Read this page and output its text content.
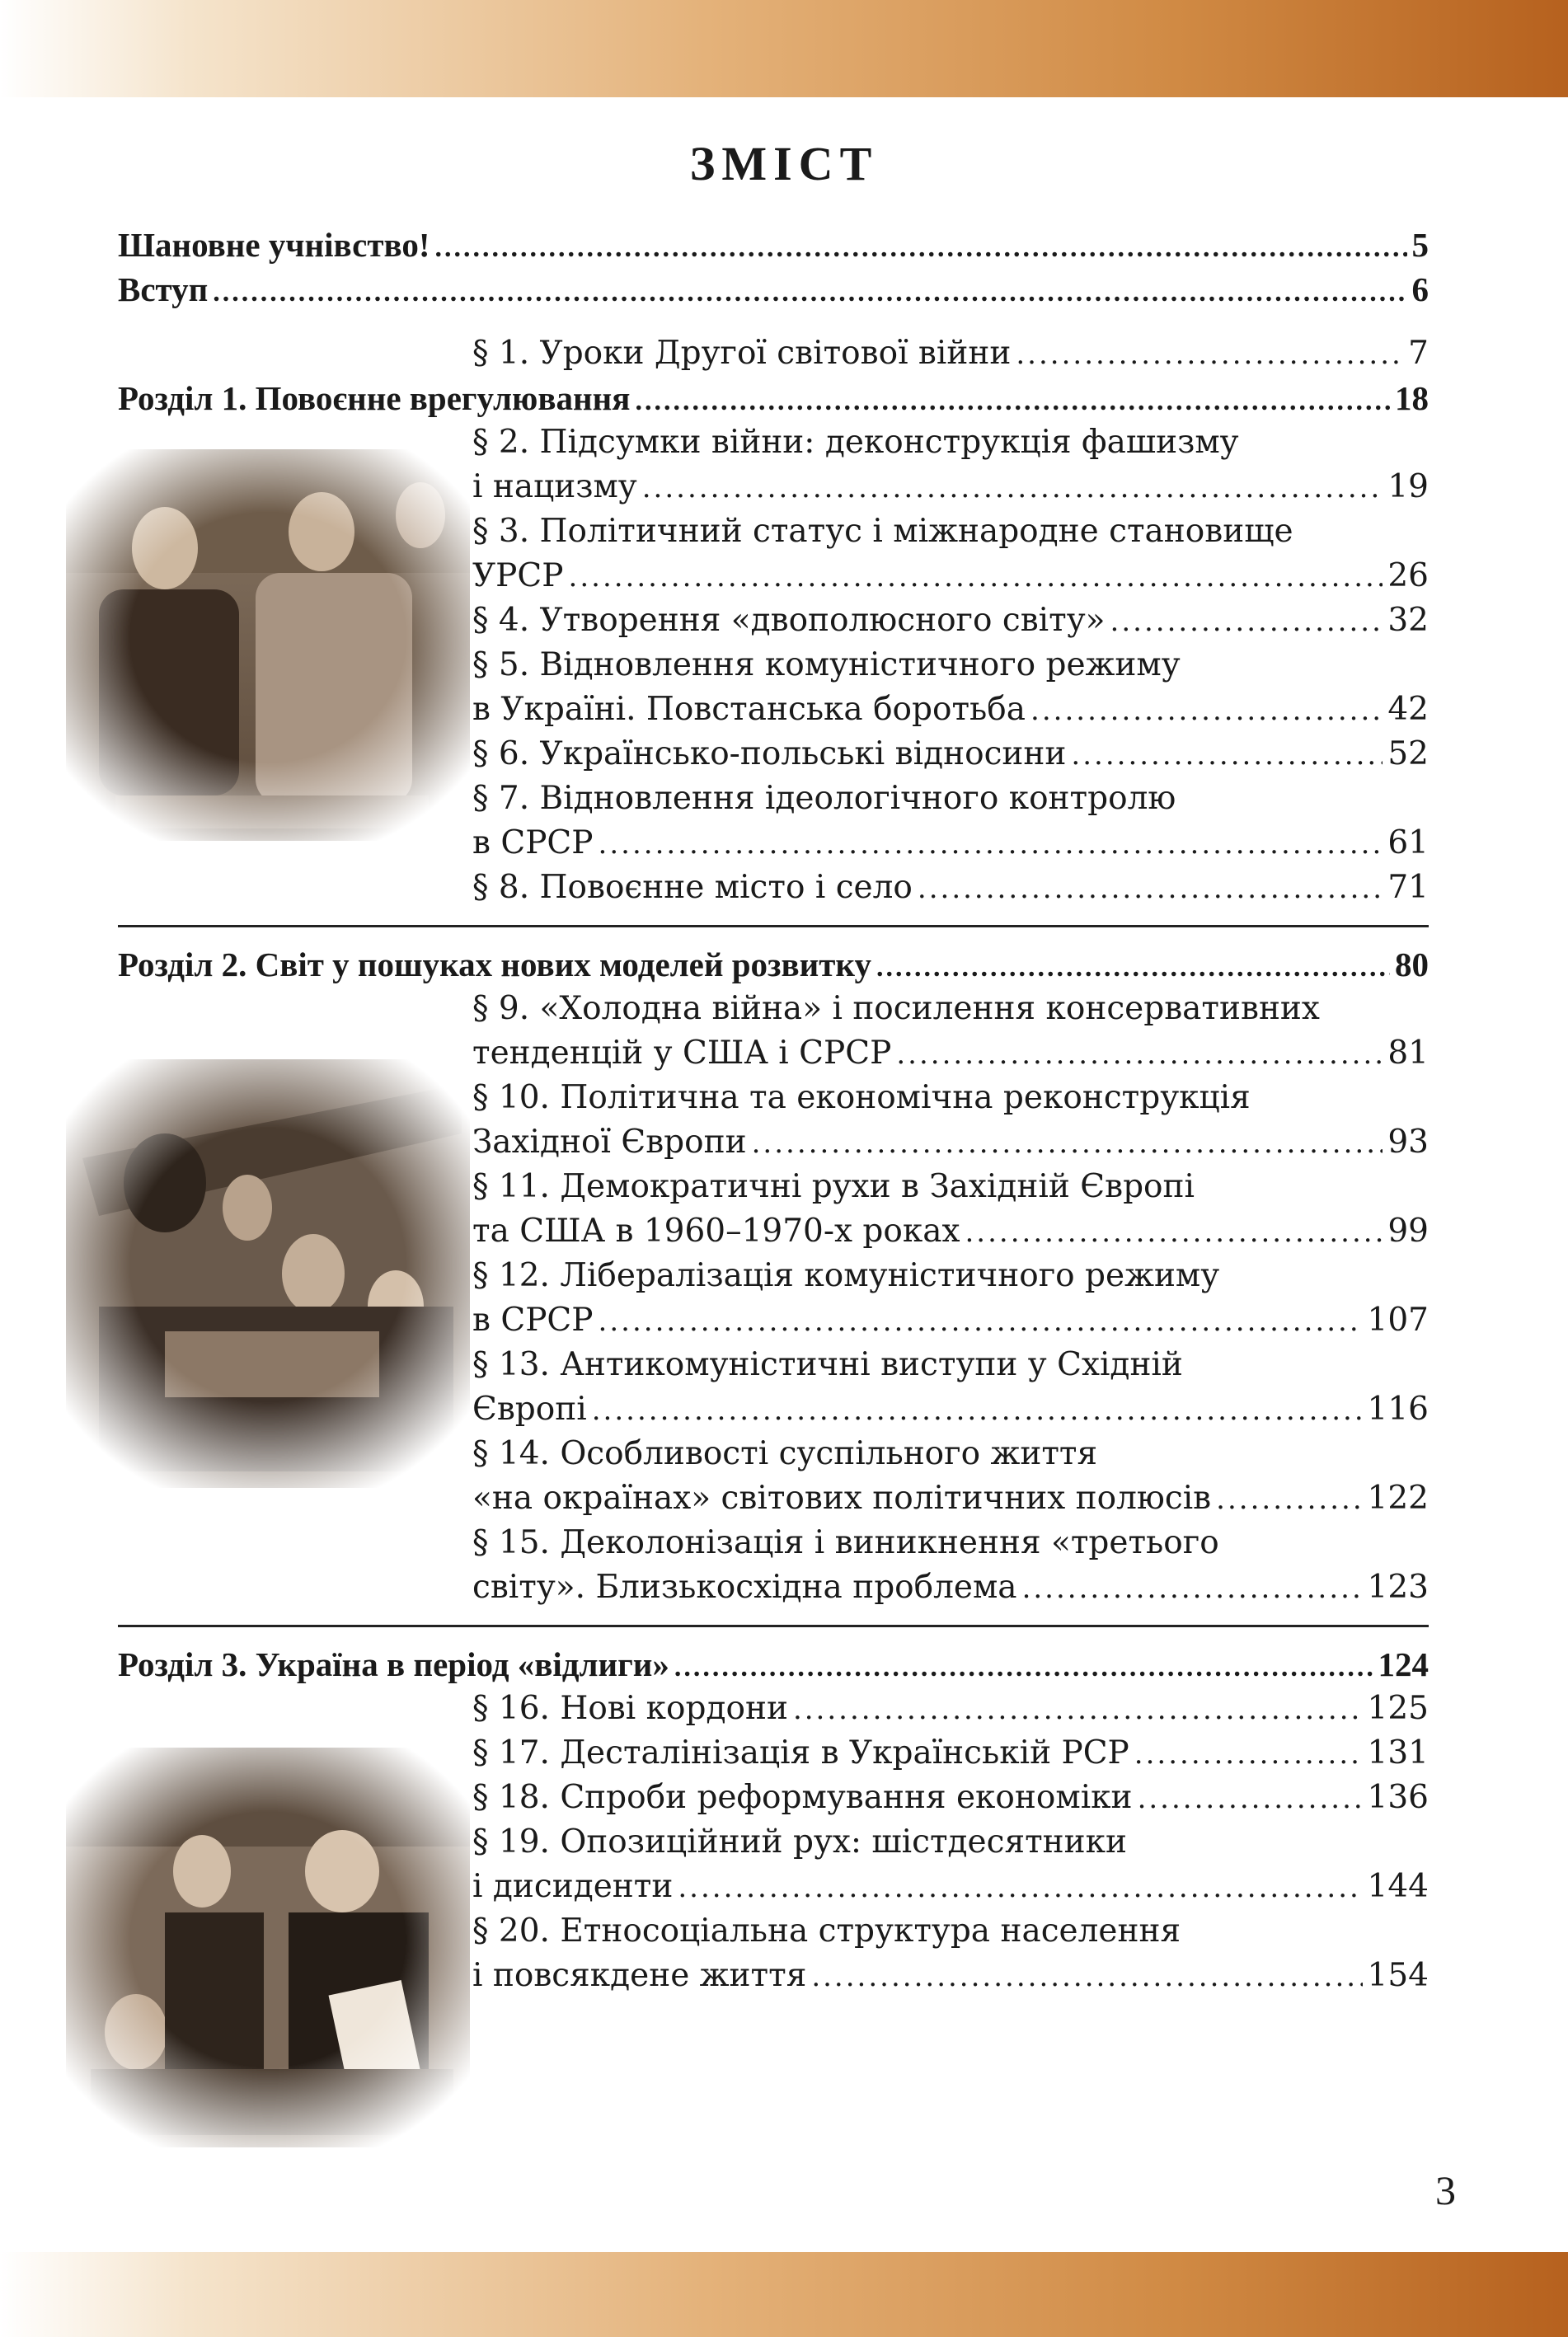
ЗМІСТ
Шановне учнівство! .....	5
Вступ .....	6
§ 1. Уроки Другої світової війни .....	7
Розділ 1. Повоєнне врегулювання .....	18
§ 2. Підсумки війни: деконструкція фашизму
і нацизму .....	19
§ 3. Політичний статус і міжнародне становище
УРСР .....	26
§ 4. Утворення «двополюсного світу» .....	32
§ 5. Відновлення комуністичного режиму
в Україні. Повстанська боротьба .....	42
§ 6. Українсько-польські відносини .....	52
§ 7. Відновлення ідеологічного контролю
в СРСР .....	61
§ 8. Повоєнне місто і село .....	71
Розділ 2. Світ у пошуках нових моделей розвитку .....	80
§ 9. «Холодна війна» і посилення консервативних
тенденцій у США і СРСР .....	81
§ 10. Політична та економічна реконструкція
Західної Європи .....	93
§ 11. Демократичні рухи в Західній Європі
та США в 1960–1970-х роках .....	99
§ 12. Лібералізація комуністичного режиму
в СРСР .....	107
§ 13. Антикомуністичні виступи у Східній
Європі .....	116
§ 14. Особливості суспільного життя
«на окраїнах» світових політичних полюсів .....	122
§ 15. Деколонізація і виникнення «третього
світу». Близькосхідна проблема .....	123
Розділ 3. Україна в період «відлиги» .....	124
§ 16. Нові кордони .....	125
§ 17. Десталінізація в Українській РСР .....	131
§ 18. Спроби реформування економіки .....	136
§ 19. Опозиційний рух: шістдесятники
і дисиденти .....	144
§ 20. Етносоціальна структура населення
і повсякдене життя .....	154
3
